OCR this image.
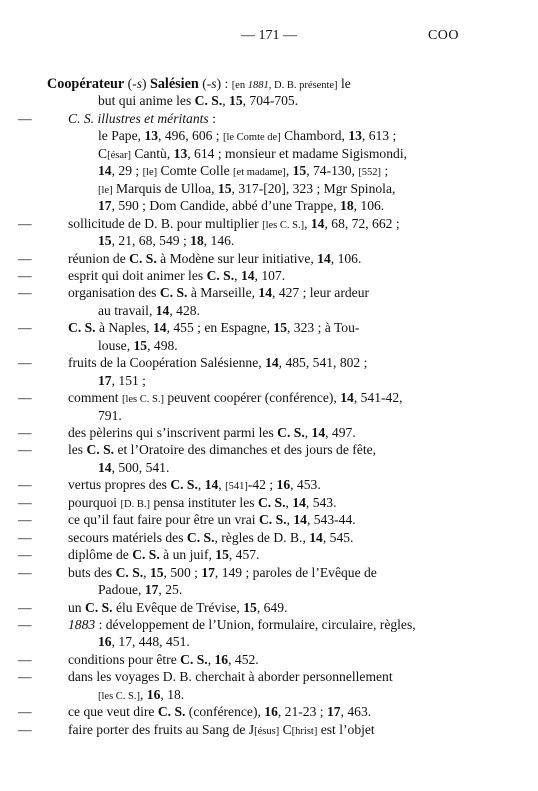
— 171 —	COO
Coopérateur (-s) Salésien (-s) : [en 1881, D. B. présente] le
but qui anime les C. S., 15, 704-705.
—	C. S. illustres et méritants :
le Pape, 13, 496, 606 ; [le Comte de] Chambord, 13, 613 ;
C[ésar] Cantù, 13, 614 ; monsieur et madame Sigismondi,
14, 29 ; [le] Comte Colle [et madame], 15, 74-130, [552] ;
[le] Marquis de Ulloa, 15, 317-[20], 323 ; Mgr Spinola,
17, 590 ; Dom Candide, abbé d’une Trappe, 18, 106.
—	sollicitude de D. B. pour multiplier [les C. S.], 14, 68, 72, 662 ;
15, 21, 68, 549 ; 18, 146.
—	réunion de C. S. à Modène sur leur initiative, 14, 106.
—	esprit qui doit animer les C. S., 14, 107.
—	organisation des C. S. à Marseille, 14, 427 ; leur ardeur
au travail, 14, 428.
—	C. S. à Naples, 14, 455 ; en Espagne, 15, 323 ; à Tou-
louse, 15, 498.
—	fruits de la Coopération Salésienne, 14, 485, 541, 802 ;
17, 151 ;
—	comment [les C. S.] peuvent coopérer (conférence), 14, 541-42,
791.
—	des pèlerins qui s’inscrivent parmi les C. S., 14, 497.
—	les C. S. et l’Oratoire des dimanches et des jours de fête,
14, 500, 541.
—	vertus propres des C. S., 14, [541]-42 ; 16, 453.
—	pourquoi [D. B.] pensa instituter les C. S., 14, 543.
—	ce qu’il faut faire pour être un vrai C. S., 14, 543-44.
—	secours matériels des C. S., règles de D. B., 14, 545.
—	diplôme de C. S. à un juif, 15, 457.
—	buts des C. S., 15, 500 ; 17, 149 ; paroles de l’Evêque de
Padoue, 17, 25.
—	un C. S. élu Evêque de Trévise, 15, 649.
—	1883 : développement de l’Union, formulaire, circulaire, règles,
16, 17, 448, 451.
—	conditions pour être C. S., 16, 452.
—	dans les voyages D. B. cherchait à aborder personnellement
[les C. S.], 16, 18.
—	ce que veut dire C. S. (conférence), 16, 21-23 ; 17, 463.
—	faire porter des fruits au Sang de J[ésus] C[hrist] est l’objet
